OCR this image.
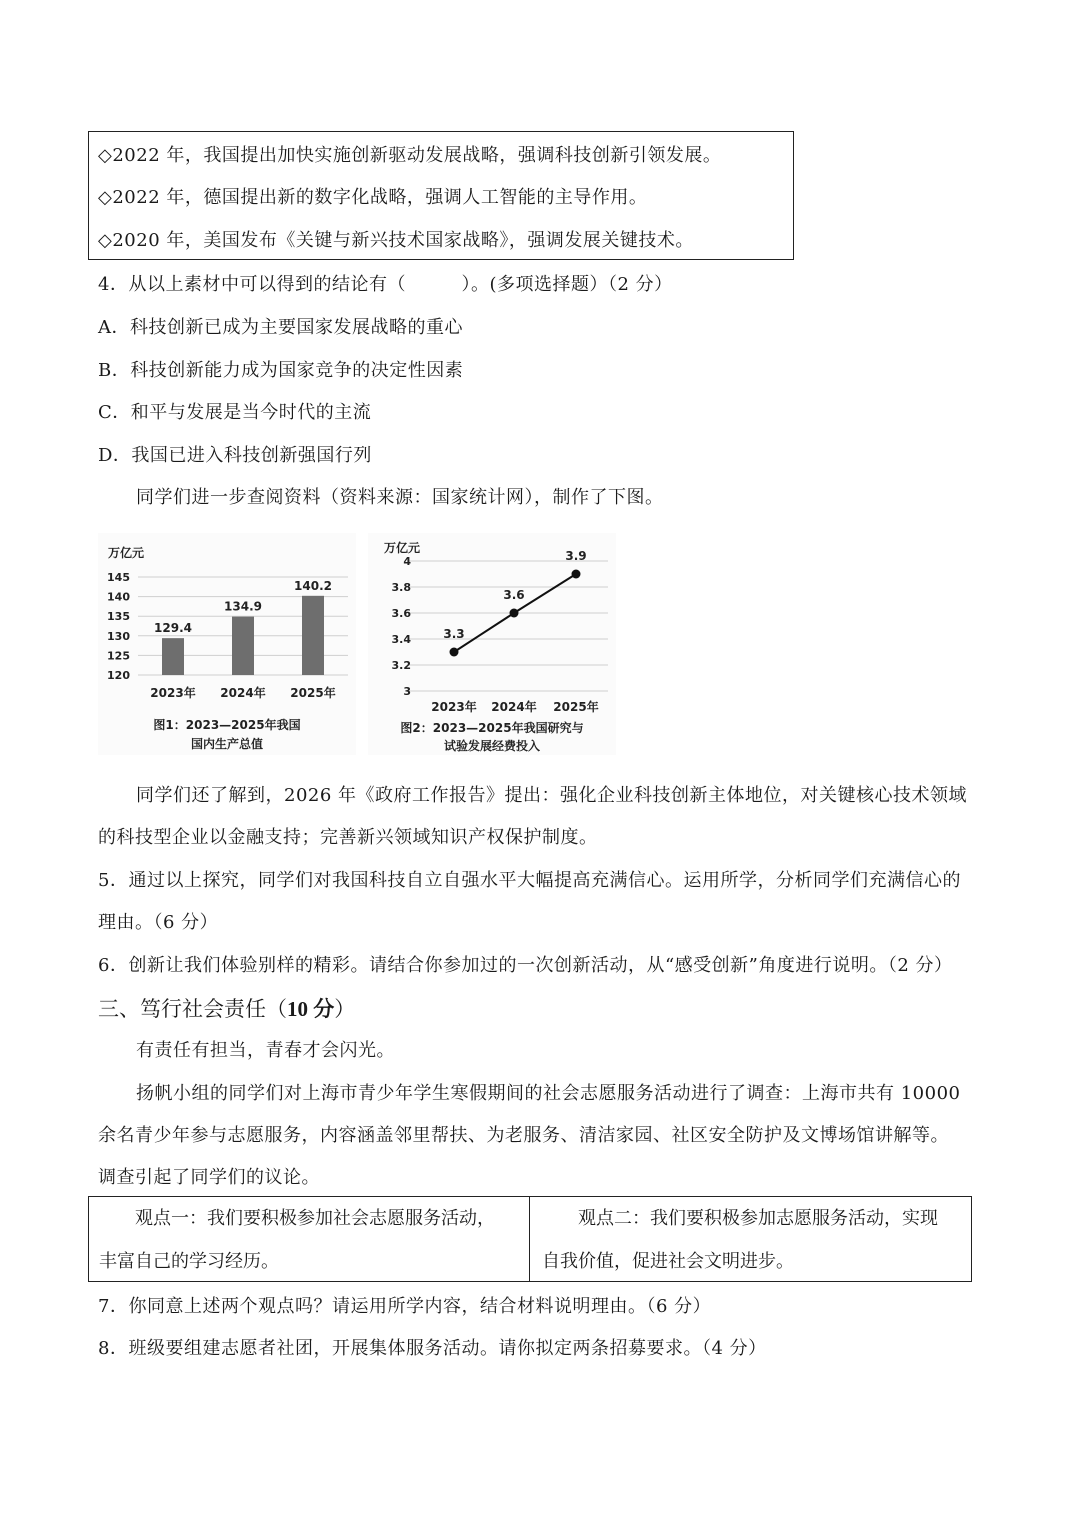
◇2022 年，我国提出加快实施创新驱动发展战略，强调科技创新引领发展。
◇2022 年，德国提出新的数字化战略，强调人工智能的主导作用。
◇2020 年，美国发布《关键与新兴技术国家战略》，强调发展关键技术。
4．从以上素材中可以得到的结论有（　　　）。(多项选择题）（2 分）
A．科技创新已成为主要国家发展战略的重心
B．科技创新能力成为国家竞争的决定性因素
C．和平与发展是当今时代的主流
D．我国已进入科技创新强国行列
同学们进一步查阅资料（资料来源：国家统计网），制作了下图。
万亿元
145
140
135
130
125
120
129.4
2023年
134.9
2024年
140.2
2025年
图1：2023—2025年我国
国内生产总值
万亿元
4
3.8
3.6
3.4
3.2
3
3.3
2023年
3.6
2024年
3.9
2025年
图2：2023—2025年我国研究与
试验发展经费投入
同学们还了解到，2026 年《政府工作报告》提出：强化企业科技创新主体地位，对关键核心技术领域
的科技型企业以金融支持；完善新兴领域知识产权保护制度。
5．通过以上探究，同学们对我国科技自立自强水平大幅提高充满信心。运用所学，分析同学们充满信心的
理由。（6 分）
6．创新让我们体验别样的精彩。请结合你参加过的一次创新活动，从“感受创新”角度进行说明。（2 分）
三、笃行社会责任（10 分）
有责任有担当，青春才会闪光。
扬帆小组的同学们对上海市青少年学生寒假期间的社会志愿服务活动进行了调查：上海市共有 10000
余名青少年参与志愿服务，内容涵盖邻里帮扶、为老服务、清洁家园、社区安全防护及文博场馆讲解等。
调查引起了同学们的议论。

　　观点一：我们要积极参加社会志愿服务活动，

丰富自己的学习经历。

　　观点二：我们要积极参加志愿服务活动，实现

自我价值，促进社会文明进步。

7．你同意上述两个观点吗？请运用所学内容，结合材料说明理由。（6 分）
8．班级要组建志愿者社团，开展集体服务活动。请你拟定两条招募要求。（4 分）
